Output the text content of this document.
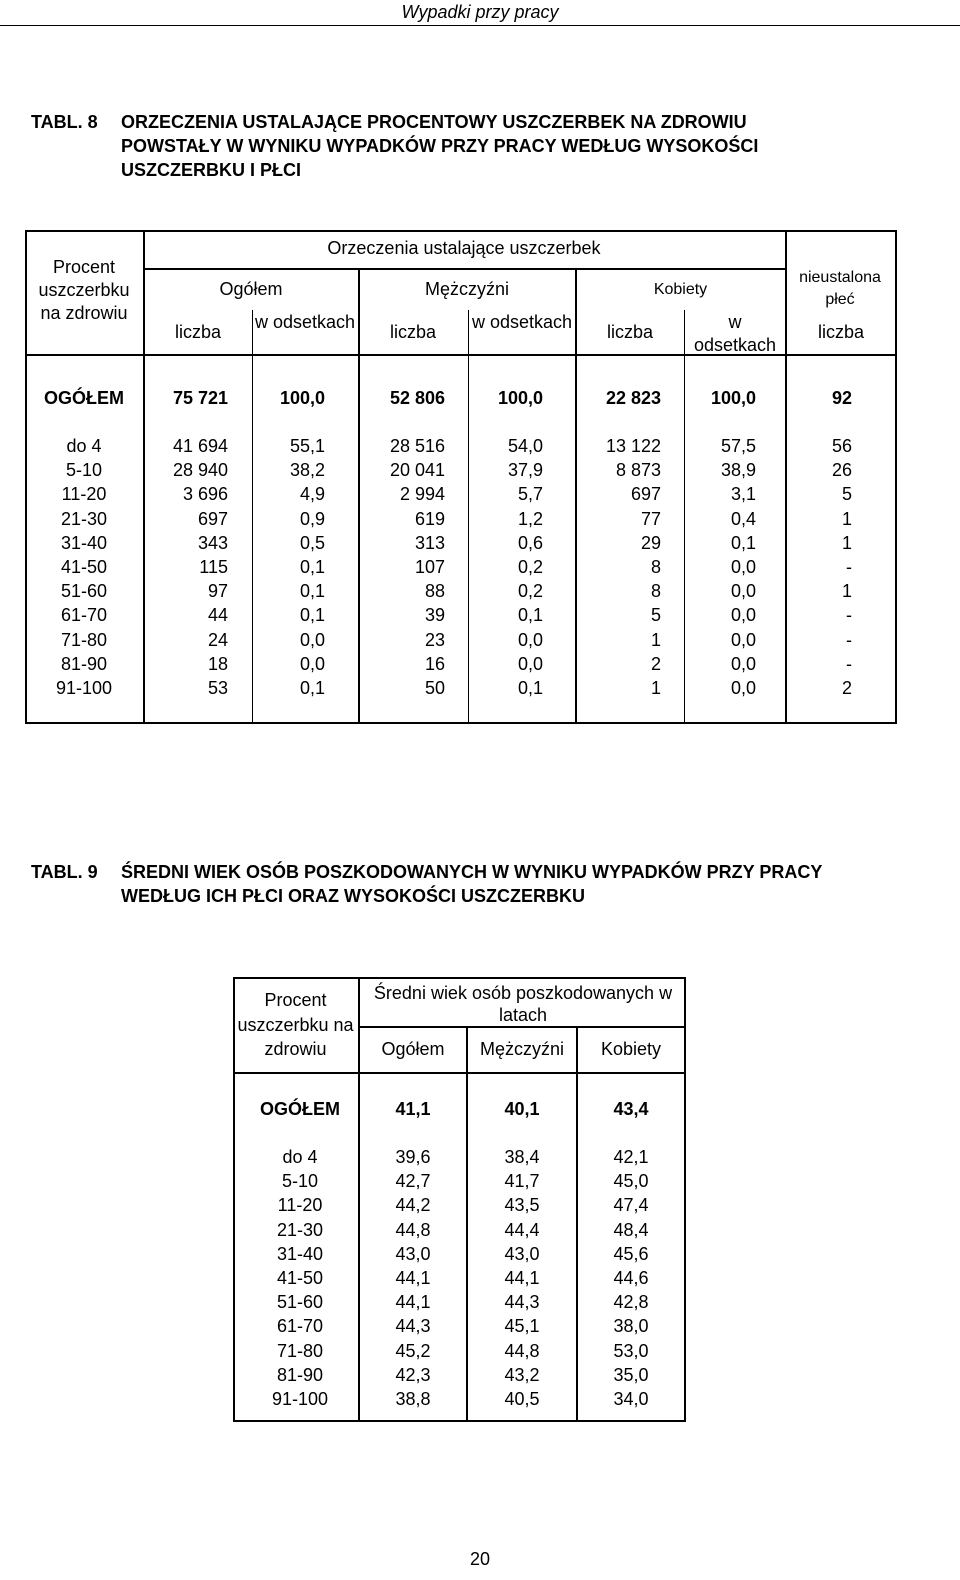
Wypadki przy pracy
TABL. 8 ORZECZENIA USTALAJĄCE PROCENTOWY USZCZERBEK NA ZDROWIU POWSTAŁY W WYNIKU WYPADKÓW PRZY PRACY WEDŁUG WYSOKOŚCI USZCZERBKU I PŁCI
Procent uszczerbku na zdrowiu
Orzeczenia ustalające uszczerbek
Ogółem	Mężczyźni	Kobiety
nieustalona płeć
liczba	w odsetkach	liczba	w odsetkach	liczba	w odsetkach
liczba
OGÓŁEM	75 721	100,0	52 806	100,0	22 823	100,0	92
do 4	41 694	55,1	28 516	54,0	13 122	57,5	56
5-10	28 940	38,2	20 041	37,9	8 873	38,9	26
11-20	3 696	4,9	2 994	5,7	697	3,1	5
21-30	697	0,9	619	1,2	77	0,4	1
31-40	343	0,5	313	0,6	29	0,1	1
41-50	115	0,1	107	0,2	8	0,0	-
51-60	97	0,1	88	0,2	8	0,0	1
61-70	44	0,1	39	0,1	5	0,0	-
71-80	24	0,0	23	0,0	1	0,0	-
81-90	18	0,0	16	0,0	2	0,0	-
91-100	53	0,1	50	0,1	1	0,0	2
TABL. 9 ŚREDNI WIEK OSÓB POSZKODOWANYCH W WYNIKU WYPADKÓW PRZY PRACY WEDŁUG ICH PŁCI ORAZ WYSOKOŚCI USZCZERBKU
Procent uszczerbku na zdrowiu
Średni wiek osób poszkodowanych w latach
Ogółem	Mężczyźni	Kobiety
OGÓŁEM	41,1	40,1	43,4
do 4	39,6	38,4	42,1
5-10	42,7	41,7	45,0
11-20	44,2	43,5	47,4
21-30	44,8	44,4	48,4
31-40	43,0	43,0	45,6
41-50	44,1	44,1	44,6
51-60	44,1	44,3	42,8
61-70	44,3	45,1	38,0
71-80	45,2	44,8	53,0
81-90	42,3	43,2	35,0
91-100	38,8	40,5	34,0
20
